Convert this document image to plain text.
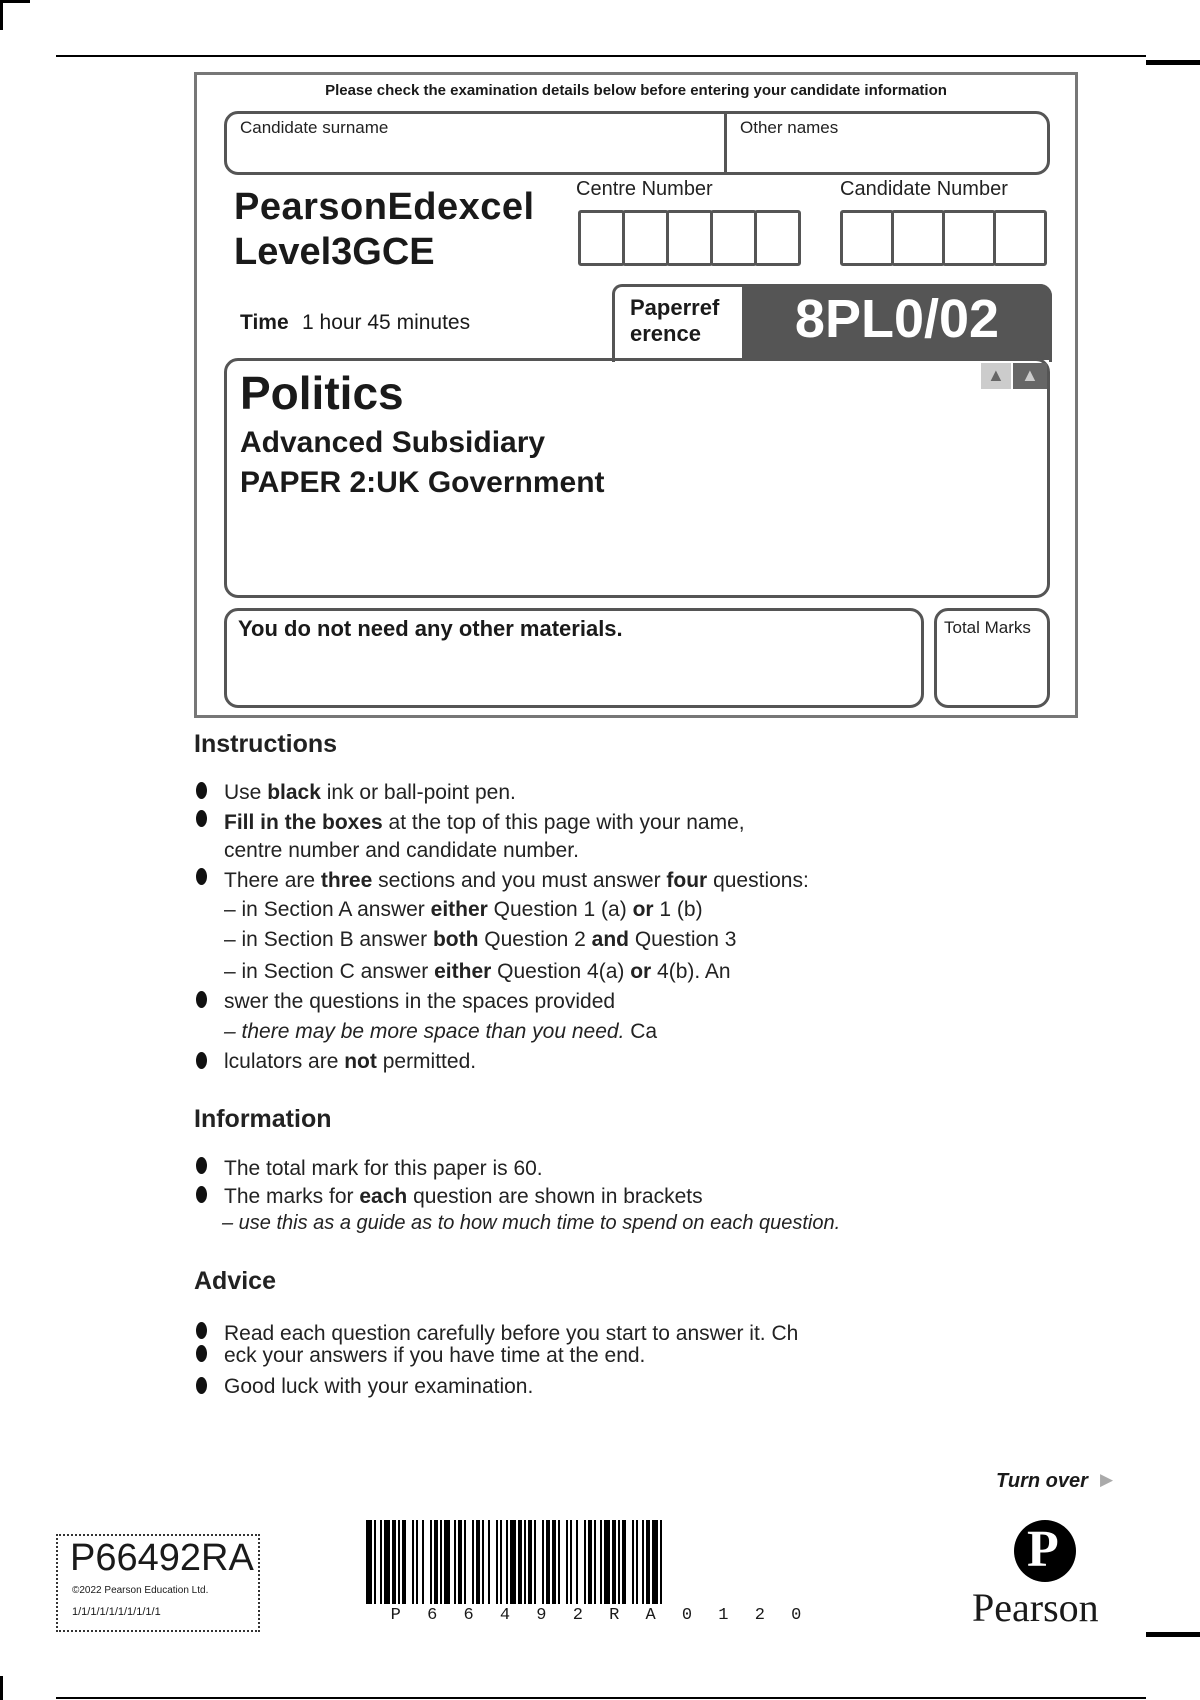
Please check the examination details below before entering your candidate information
Candidate surname	Other names
PearsonEdexcel
Level3GCE
Centre Number	Candidate Number
Time 1 hour 45 minutes
Paperref
erence	8PL0/02
▲ ▲
Politics
Advanced Subsidiary
PAPER 2:UK Government
You do not need any other materials.	Total Marks
Instructions
Use black ink or ball-point pen.
Fill in the boxes at the top of this page with your name,
centre number and candidate number.
There are three sections and you must answer four questions:
– in Section A answer either Question 1 (a) or 1 (b)
– in Section B answer both Question 2 and Question 3
– in Section C answer either Question 4(a) or 4(b). An
swer the questions in the spaces provided
– there may be more space than you need. Ca
lculators are not permitted.
Information
The total mark for this paper is 60.
The marks for each question are shown in brackets
– use this as a guide as to how much time to spend on each question.
Advice
Read each question carefully before you start to answer it. Ch
eck your answers if you have time at the end.
Good luck with your examination.
Turn over ▶
P66492RA
©2022 Pearson Education Ltd.
1/1/1/1/1/1/1/1/1/1	P 6 6 4 9 2 R A 0 1 2 0
P
Pearson
